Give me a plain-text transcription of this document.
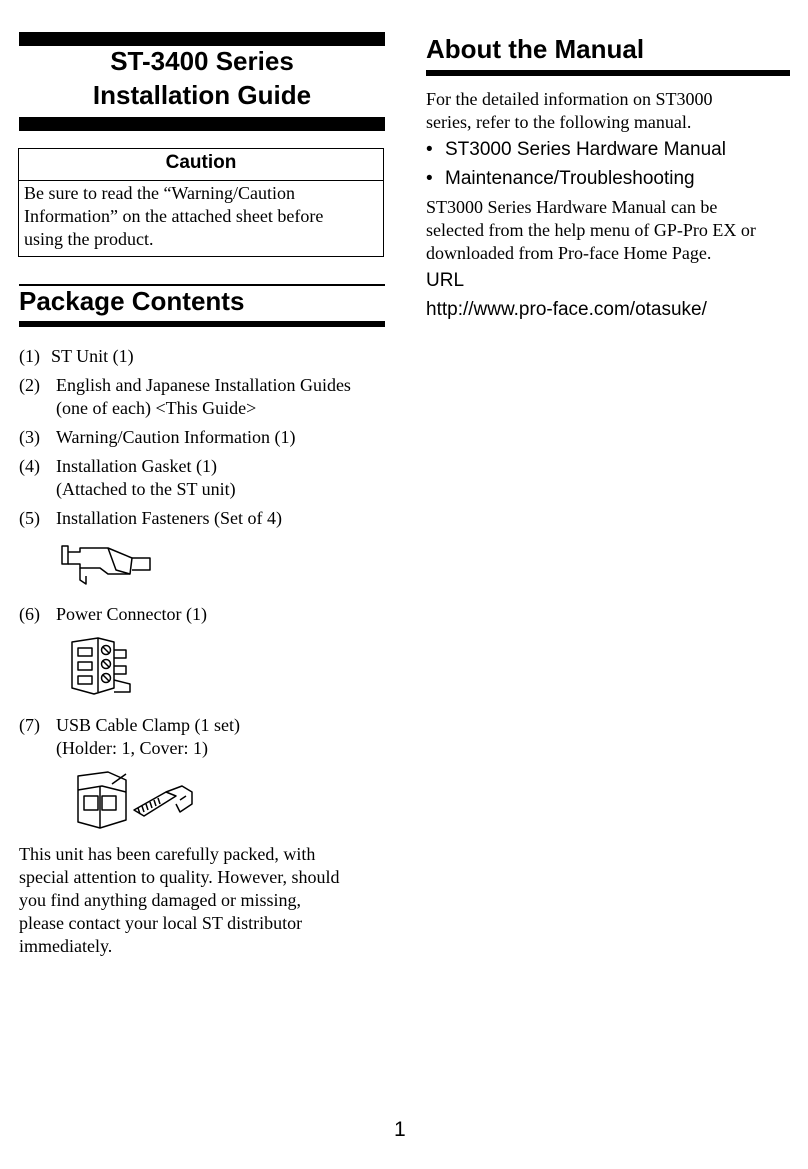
ST-3400 Series
Installation Guide
Caution
Be sure to read the “Warning/Caution
Information” on the attached sheet before
using the product.
Package Contents
(1) ST Unit (1)
(2) English and Japanese Installation Guides
(one of each) <This Guide>
(3) Warning/Caution Information (1)
(4) Installation Gasket (1)
(Attached to the ST unit)
(5) Installation Fasteners (Set of 4)
(6) Power Connector (1)
(7) USB Cable Clamp (1 set)
(Holder: 1, Cover: 1)
This unit has been carefully packed, with
special attention to quality. However, should
you find anything damaged or missing,
please contact your local ST distributor
immediately.
About the Manual
For the detailed information on ST3000
series, refer to the following manual.
• ST3000 Series Hardware Manual
• Maintenance/Troubleshooting
ST3000 Series Hardware Manual can be
selected from the help menu of GP-Pro EX or
downloaded from Pro-face Home Page.
URL
http://www.pro-face.com/otasuke/
1
